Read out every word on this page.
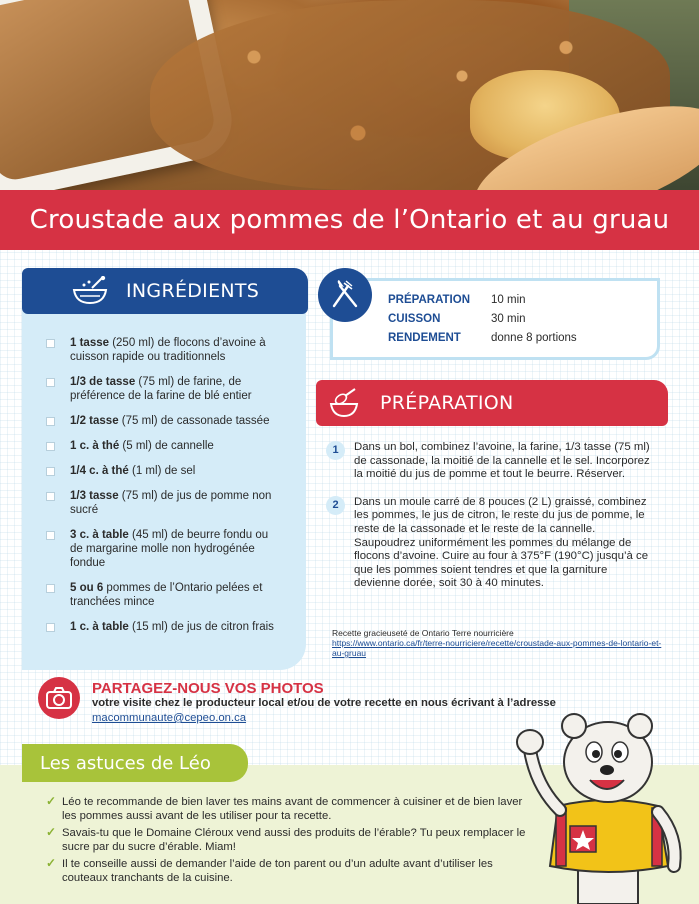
Croustade aux pommes de l’Ontario et au gruau
INGRÉDIENTS
1 tasse (250 ml) de flocons d’avoine à cuisson rapide ou traditionnels
1/3 de tasse (75 ml) de farine, de préférence de la farine de blé entier
1/2 tasse (75 ml) de cassonade tassée
1 c. à thé (5 ml) de cannelle
1/4 c. à thé (1 ml) de sel
1/3 tasse (75 ml) de jus de pomme non sucré
3 c. à table (45 ml) de beurre fondu ou de margarine molle non hydrogénée fondue
5 ou 6 pommes de l’Ontario pelées et tranchées mince
1 c. à table (15 ml) de jus de citron frais
PRÉPARATION	10 min
CUISSON	30 min
RENDEMENT	donne 8 portions
PRÉPARATION
1	Dans un bol, combinez l’avoine, la farine, 1/3 tasse (75 ml) de cassonade, la moitié de la cannelle et le sel. Incorporez la moitié du jus de pomme et tout le beurre. Réserver.

2	Dans un moule carré de 8 pouces (2 L) graissé, combinez les pommes, le jus de citron, le reste du jus de pomme, le reste de la cassonade et le reste de la cannelle. Saupoudrez uniformément les pommes du mélange de flocons d’avoine. Cuire au four à 375°F (190°C) jusqu’à ce que les pommes soient tendres et que la garniture devienne dorée, soit 30 à 40 minutes.

Recette gracieuseté de Ontario Terre nourricière
https://www.ontario.ca/fr/terre-nourriciere/recette/croustade-aux-pommes-de-lontario-et-au-gruau
PARTAGEZ-NOUS VOS PHOTOS
votre visite chez le producteur local et/ou de votre recette en nous écrivant à l’adresse
macommunaute@cepeo.on.ca
Les astuces de Léo
✓ Léo te recommande de bien laver tes mains avant de commencer à cuisiner et de bien laver les pommes aussi avant de les utiliser pour ta recette.
✓ Savais-tu que le Domaine Cléroux vend aussi des produits de l’érable? Tu peux remplacer le sucre par du sucre d’érable. Miam!
✓ Il te conseille aussi de demander l’aide de ton parent ou d’un adulte avant d’utiliser les couteaux tranchants de la cuisine.
